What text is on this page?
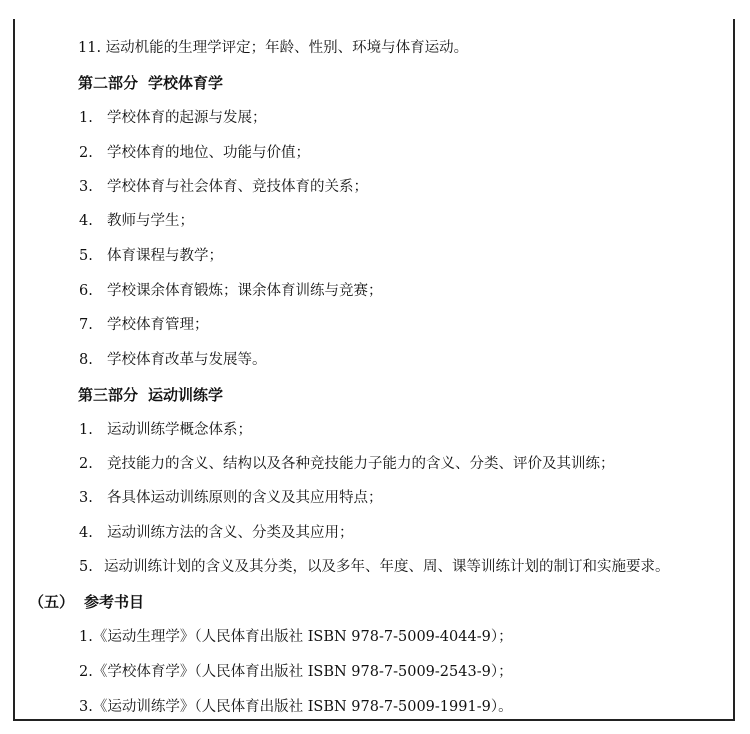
11. 运动机能的生理学评定；年龄、性别、环境与体育运动。
第二部分 学校体育学
1. 学校体育的起源与发展；
2. 学校体育的地位、功能与价值；
3. 学校体育与社会体育、竞技体育的关系；
4. 教师与学生；
5. 体育课程与教学；
6. 学校课余体育锻炼；课余体育训练与竞赛；
7. 学校体育管理；
8. 学校体育改革与发展等。
第三部分 运动训练学
1. 运动训练学概念体系；
2. 竞技能力的含义、结构以及各种竞技能力子能力的含义、分类、评价及其训练；
3. 各具体运动训练原则的含义及其应用特点；
4. 运动训练方法的含义、分类及其应用；
5. 运动训练计划的含义及其分类，以及多年、年度、周、课等训练计划的制订和实施要求。
（五） 参考书目
1.《运动生理学》（人民体育出版社 ISBN 978-7-5009-4044-9）；
2.《学校体育学》（人民体育出版社 ISBN 978-7-5009-2543-9）；
3.《运动训练学》（人民体育出版社 ISBN 978-7-5009-1991-9）。
